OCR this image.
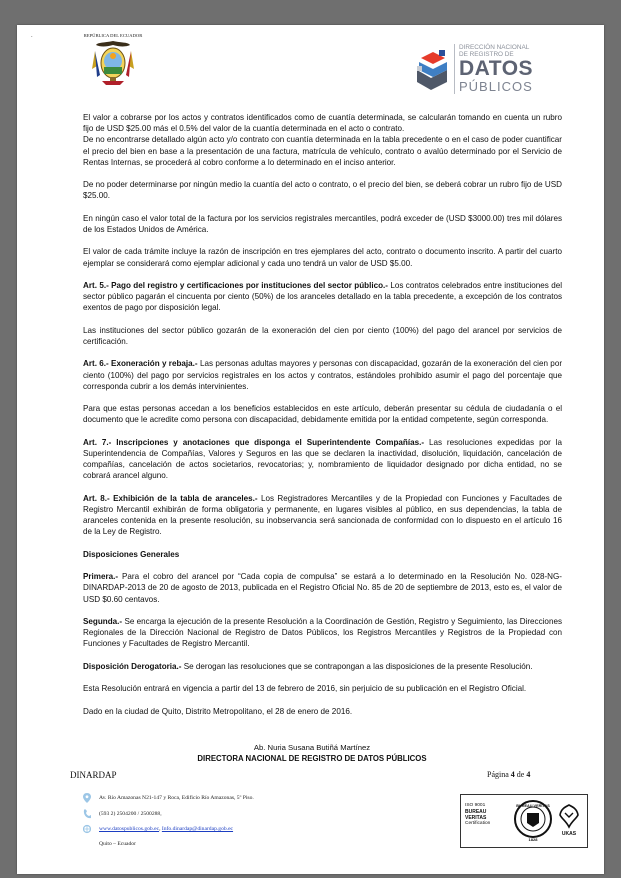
.	REPÚBLICA DEL ECUADOR
DIRECCIÓN NACIONAL
DE REGISTRO DE
DATOS
PÚBLICOS

El valor a cobrarse por los actos y contratos identificados como de cuantía determinada, se calcularán tomando en cuenta un rubro fijo de USD $25.00 más el 0.5% del valor de la cuantía determinada en el acto o contrato.

De no encontrarse detallado algún acto y/o contrato con cuantía determinada en la tabla precedente o en el caso de poder cuantificar el precio del bien en base a la presentación de una factura, matrícula de vehículo, contrato o avalúo determinado por el Servicio de Rentas Internas, se procederá al cobro conforme a lo determinado en el inciso anterior.

De no poder determinarse por ningún medio la cuantía del acto o contrato, o el precio del bien, se deberá cobrar un rubro fijo de USD $25.00.

En ningún caso el valor total de la factura por los servicios registrales mercantiles, podrá exceder de (USD $3000.00) tres mil dólares de los Estados Unidos de América.

El valor de cada trámite incluye la razón de inscripción en tres ejemplares del acto, contrato o documento inscrito. A partir del cuarto ejemplar se considerará como ejemplar adicional y cada uno tendrá un valor de USD $5.00.

Art. 5.- Pago del registro y certificaciones por instituciones del sector público.- Los contratos celebrados entre instituciones del sector público pagarán el cincuenta por ciento (50%) de los aranceles detallado en la tabla precedente, a excepción de los contratos exentos de pago por disposición legal.

Las instituciones del sector público gozarán de la exoneración del cien por ciento (100%) del pago del arancel por servicios de certificación.

Art. 6.- Exoneración y rebaja.- Las personas adultas mayores y personas con discapacidad, gozarán de la exoneración del cien por ciento (100%) del pago por servicios registrales en los actos y contratos, estándoles prohibido asumir el pago del porcentaje que corresponda cubrir a los demás intervinientes.

Para que estas personas accedan a los beneficios establecidos en este artículo, deberán presentar su cédula de ciudadanía o el documento que le acredite como persona con discapacidad, debidamente emitida por la entidad competente, según corresponda.

Art. 7.- Inscripciones y anotaciones que disponga el Superintendente Compañías.- Las resoluciones expedidas por la Superintendencia de Compañías, Valores y Seguros en las que se declaren la inactividad, disolución, liquidación, cancelación de compañías, cancelación de actos societarios, revocatorias; y, nombramiento de liquidador designado por dicha entidad, no se cobrará arancel alguno.

Art. 8.- Exhibición de la tabla de aranceles.- Los Registradores Mercantiles y de la Propiedad con Funciones y Facultades de Registro Mercantil exhibirán de forma obligatoria y permanente, en lugares visibles al público, en sus dependencias, la tabla de aranceles contenida en la presente resolución, su inobservancia será sancionada de conformidad con lo dispuesto en el artículo 16 de la Ley de Registro.

Disposiciones Generales

Primera.- Para el cobro del arancel por “Cada copia de compulsa” se estará a lo determinado en la Resolución No. 028-NG-DINARDAP-2013 de 20 de agosto de 2013, publicada en el Registro Oficial No. 85 de 20 de septiembre de 2013, esto es, el valor de USD $0.60 centavos.

Segunda.- Se encarga la ejecución de la presente Resolución a la Coordinación de Gestión, Registro y Seguimiento, las Direcciones Regionales de la Dirección Nacional de Registro de Datos Públicos, los Registros Mercantiles y Registros de la Propiedad con Funciones y Facultades de Registro Mercantil.

Disposición Derogatoria.- Se derogan las resoluciones que se contrapongan a las disposiciones de la presente Resolución.

Esta Resolución entrará en vigencia a partir del 13 de febrero de 2016, sin perjuicio de su publicación en el Registro Oficial.

Dado en la ciudad de Quito, Distrito Metropolitano, el 28 de enero de 2016.

Ab. Nuria Susana Butiñá Martínez
DIRECTORA NACIONAL DE REGISTRO DE DATOS PÚBLICOS
DINARDAP	Página 4 de 4
Av. Río Amazonas N21-147 y Roca, Edificio Río Amazonas, 5º Piso.
(593 2) 2504200 / 2500288,
www.datospublicos.gob.ec, Info.dinardap@dinardap.gob.ec
Quito – Ecuador
ISO 9001
BUREAU VERITAS
Certification
BUREAU VERITAS
1828
UKAS
